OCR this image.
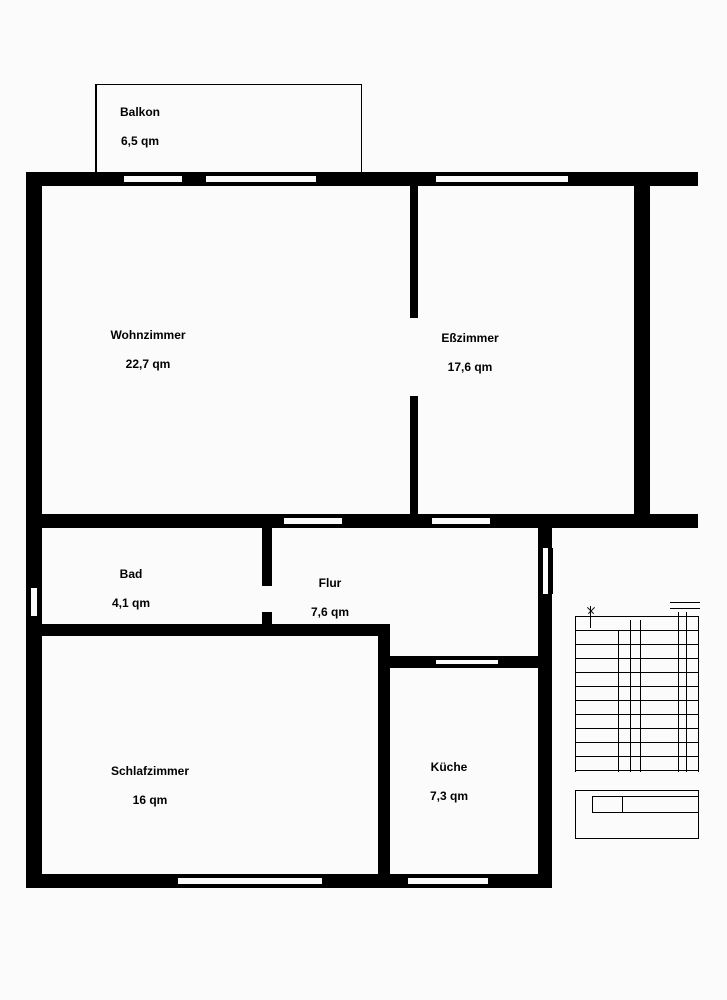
Balkon
6,5 qm
Wohnzimmer
22,7 qm
Eßzimmer
17,6 qm
Bad
4,1 qm
Flur
7,6 qm
Schlafzimmer
16 qm
Küche
7,3 qm
